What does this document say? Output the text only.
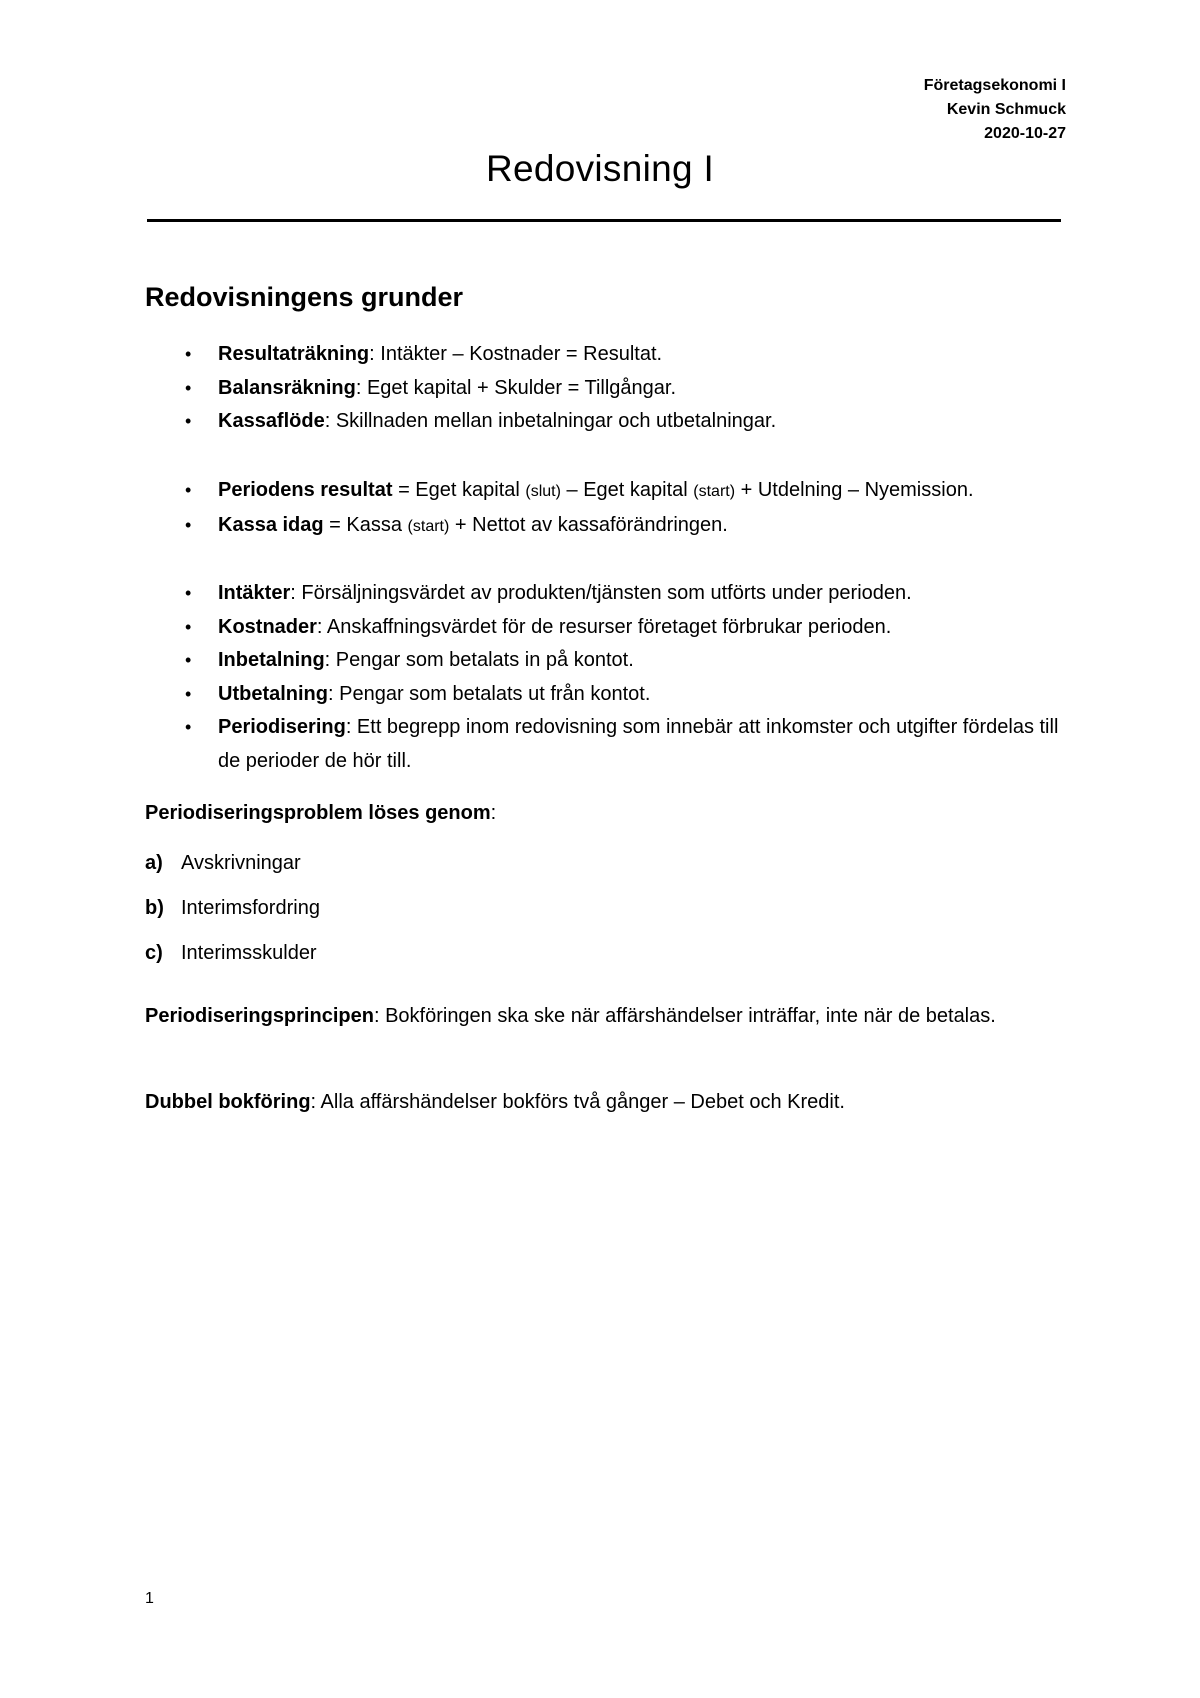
Företagsekonomi I
Kevin Schmuck
2020-10-27
Redovisning I
Redovisningens grunder
• Resultaträkning: Intäkter – Kostnader = Resultat.
• Balansräkning: Eget kapital + Skulder = Tillgångar.
• Kassaflöde: Skillnaden mellan inbetalningar och utbetalningar.
• Periodens resultat = Eget kapital (slut) – Eget kapital (start) + Utdelning – Nyemission.
• Kassa idag = Kassa (start) + Nettot av kassaförändringen.
• Intäkter: Försäljningsvärdet av produkten/tjänsten som utförts under perioden.
• Kostnader: Anskaffningsvärdet för de resurser företaget förbrukar perioden.
• Inbetalning: Pengar som betalats in på kontot.
• Utbetalning: Pengar som betalats ut från kontot.
• Periodisering: Ett begrepp inom redovisning som innebär att inkomster och utgifter fördelas till de perioder de hör till.

Periodiseringsproblem löses genom:

a) Avskrivningar
b) Interimsfordring
c) Interimsskulder

Periodiseringsprincipen: Bokföringen ska ske när affärshändelser inträffar, inte när de betalas.

Dubbel bokföring: Alla affärshändelser bokförs två gånger – Debet och Kredit.

1
